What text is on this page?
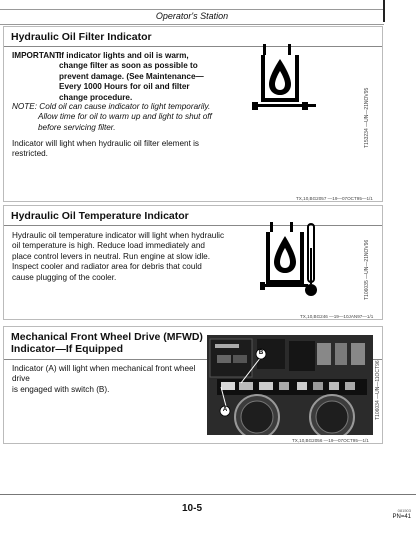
Operator's Station
Hydraulic Oil Filter Indicator
IMPORTANT:
If indicator lights and oil is warm,
change filter as soon as possible to
prevent damage. (See Maintenance—
Every 1000 Hours for oil and filter
change procedure.
NOTE: Cold oil can cause indicator to light temporarily.
Allow time for oil to warm up and light to shut off
before servicing filter.
Indicator will light when hydraulic oil filter element is
restricted.
T153234 —UN—21NOV95
TX,10,BG2057 —19—07OCT95—1/1
Hydraulic Oil Temperature Indicator
Hydraulic oil temperature indicator will light when hydraulic
oil temperature is high. Reduce load immediately and
place control levers in neutral. Run engine at slow idle.
Inspect cooler and radiator area for debris that could
cause plugging of the cooler.	T106035 —UN—21NOV96
TX,10,BG246 —19—10JAN97—1/1
Mechanical Front Wheel Drive (MFWD)
Indicator—If Equipped
Indicator (A) will light when mechanical front wheel drive
is engaged with switch (B).
B
A	T106034 —UN—11OCT96
TX,10,BG2056 —19—07OCT95—1/1
10-5	081503
PN=41
